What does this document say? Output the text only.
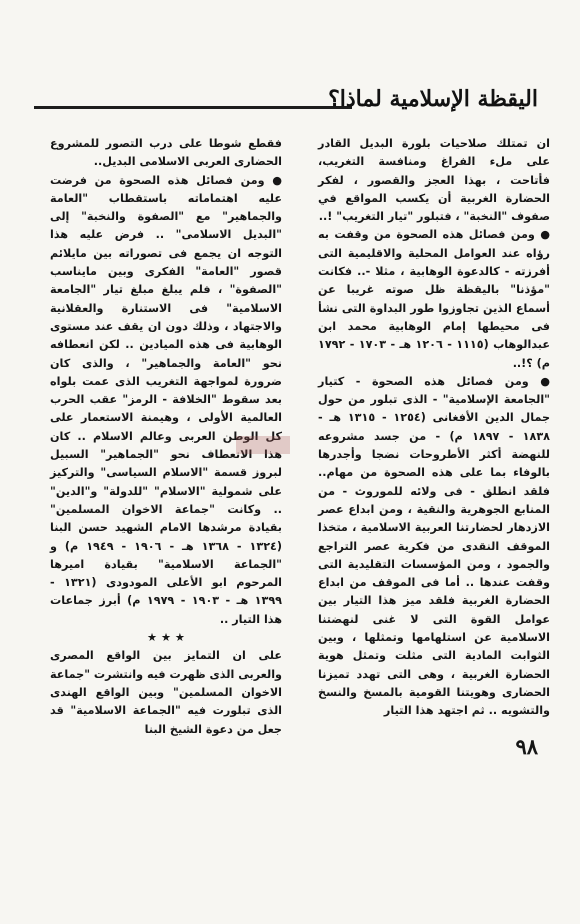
اليقظة الإسلامية لماذا؟

ان تمتلك صلاحيات بلورة البديل القادر على ملء الفراغ ومنافسة التغريب، فأتاحت ، بهذا العجز والقصور ، لفكر الحضارة الغربية أن يكسب المواقع في صفوف "النخبة" ، فتبلور "تيار التغريب" !..

● ومن فصائل هذه الصحوة من وقفت به رؤاه عند العوامل المحلية والاقليمية التى أفرزته - كالدعوة الوهابية ، مثلا -.. فكانت "مؤذنا" باليقظة ظل صوته غريبا عن أسماع الذين تجاوزوا طور البداوة التى نشأ فى محيطها إمام الوهابية محمد ابن عبدالوهاب (١١١٥ - ١٢٠٦ هـ - ١٧٠٣ - ١٧٩٢ م) ؟!..

● ومن فصائل هذه الصحوة - كتيار "الجامعة الإسلامية" - الذى تبلور من حول جمال الدين الأفغانى (١٢٥٤ - ١٣١٥ هـ - ١٨٣٨ - ١٨٩٧ م) - من جسد مشروعه للنهضة أكثر الأطروحات نضجا وأجدرها بالوفاء بما على هذه الصحوة من مهام.. فلقد انطلق - فى ولائه للموروث - من المنابع الجوهرية والنقية ، ومن ابداع عصر الازدهار لحضارتنا العربية الاسلامية ، متخذا الموقف النقدى من فكرية عصر التراجع والجمود ، ومن المؤسسات التقليدية التى وقفت عندها .. أما فى الموقف من ابداع الحضارة الغربية فلقد ميز هذا التيار بين عوامل القوة التى لا غنى لنهضتنا الاسلامية عن استلهامها وتمثلها ، وبين الثوابت المادية التى مثلت وتمثل هوية الحضارة الغربية ، وهى التى تهدد تميزنا الحضارى وهويتنا القومية بالمسخ والنسخ والتشويه .. ثم اجتهد هذا التيار

فقطع شوطا على درب التصور للمشروع الحضارى العربى الاسلامى البديل..

● ومن فصائل هذه الصحوة من فرضت عليه اهتماماته باستقطاب "العامة والجماهير" مع "الصفوة والنخبة" إلى "البديل الاسلامى" .. فرض عليه هذا التوجه ان يجمع فى تصوراته بين مايلائم قصور "العامة" الفكرى وبين مايناسب "الصفوة" ، فلم يبلغ مبلغ تيار "الجامعة الاسلامية" فى الاستنارة والعقلانية والاجتهاد ، وذلك دون ان يقف عند مستوى الوهابية فى هذه الميادين .. لكن انعطافه نحو "العامة والجماهير" ، والذى كان ضرورة لمواجهة التغريب الذى عمت بلواه بعد سقوط "الخلافة - الرمز" عقب الحرب العالمية الأولى ، وهيمنة الاستعمار على كل الوطن العربى وعالم الاسلام .. كان هذا الانعطاف نحو "الجماهير" السبيل لبروز قسمة "الاسلام السياسى" والتركيز على شمولية "الاسلام" "للدولة" و"الدين" .. وكانت "جماعة الاخوان المسلمين" بقيادة مرشدها الامام الشهيد حسن البنا (١٣٢٤ - ١٣٦٨ هـ - ١٩٠٦ - ١٩٤٩ م) و "الجماعة الاسلامية" بقيادة اميرها المرحوم ابو الأعلى المودودى (١٣٢١ - ١٣٩٩ هـ - ١٩٠٣ - ١٩٧٩ م) أبرز جماعات هذا التيار ..

★ ★ ★

على ان التمايز بين الواقع المصرى والعربى الذى ظهرت فيه وانتشرت "جماعة الاخوان المسلمين" وبين الواقع الهندى الذى تبلورت فيه "الجماعة الاسلامية" قد جعل من دعوة الشيخ البنا

٩٨
